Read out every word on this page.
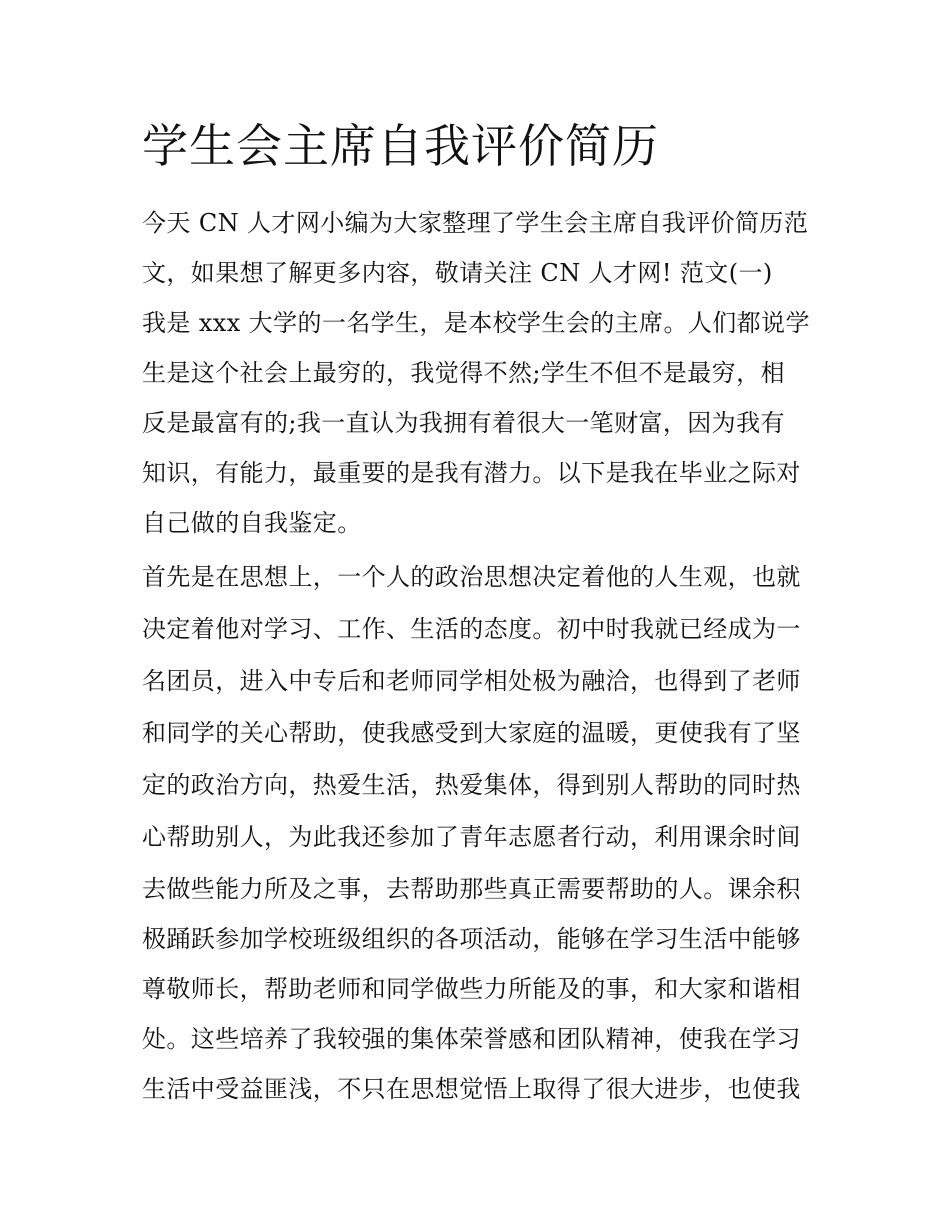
学生会主席自我评价简历

今天 CN 人才网小编为大家整理了学生会主席自我评价简历范

文，如果想了解更多内容，敬请关注 CN 人才网! 范文(一)

我是 xxx 大学的一名学生，是本校学生会的主席。人们都说学

生是这个社会上最穷的，我觉得不然;学生不但不是最穷，相

反是最富有的;我一直认为我拥有着很大一笔财富，因为我有

知识，有能力，最重要的是我有潜力。以下是我在毕业之际对

自己做的自我鉴定。

首先是在思想上，一个人的政治思想决定着他的人生观，也就

决定着他对学习、工作、生活的态度。初中时我就已经成为一

名团员，进入中专后和老师同学相处极为融洽，也得到了老师

和同学的关心帮助，使我感受到大家庭的温暖，更使我有了坚

定的政治方向，热爱生活，热爱集体，得到别人帮助的同时热

心帮助别人，为此我还参加了青年志愿者行动，利用课余时间

去做些能力所及之事，去帮助那些真正需要帮助的人。课余积

极踊跃参加学校班级组织的各项活动，能够在学习生活中能够

尊敬师长，帮助老师和同学做些力所能及的事，和大家和谐相

处。这些培养了我较强的集体荣誉感和团队精神，使我在学习

生活中受益匪浅，不只在思想觉悟上取得了很大进步，也使我
